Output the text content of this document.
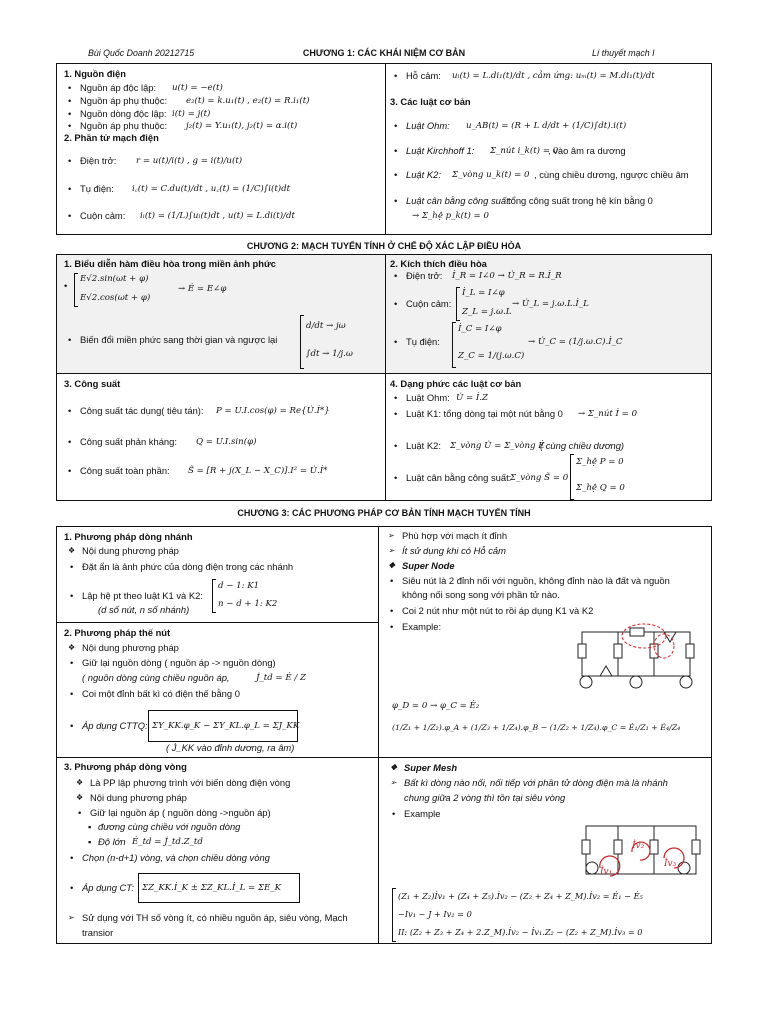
Bùi Quốc Doanh 20212715	CHƯƠNG 1: CÁC KHÁI NIỆM CƠ BẢN	Lí thuyết mạch I
1. Nguồn điện
• Nguồn áp độc lập: u(t) = −e(t)
• Nguồn áp phụ thuộc: e₂(t) = k.u₁(t) , e₂(t) = R.i₁(t)
• Nguồn dòng độc lập: i(t) = j(t)
• Nguồn áp phụ thuộc: j₂(t) = Y.u₁(t), j₂(t) = α.i(t)
2. Phần tử mạch điện
• Điện trở: r = u(t)/i(t) , g = i(t)/u(t)
• Tụ điện: i꜀(t) = C.du(t)/dt , u꜀(t) = (1/C)∫i(t)dt
• Cuộn cảm: iₗ(t) = (1/L)∫uₗ(t)dt , u(t) = L.di(t)/dt
• Hỗ cảm: uₗ(t) = L.di₁(t)/dt , cảm ứng: uₘ(t) = M.di₁(t)/dt
3. Các luật cơ bản
• Luật Ohm: u_AB(t) = (R + L d/dt + (1/C)∫dt).i(t)
• Luật Kirchhoff 1: Σ_nút i_k(t) = 0
, vào âm ra dương
• Luật K2: Σ_vòng u_k(t) = 0 , cùng chiều dương, ngược chiều âm
• Luật cân bằng công suất:
tổng công suất trong hệ kín bằng 0
→ Σ_hệ p_k(t) = 0
CHƯƠNG 2: MẠCH TUYẾN TÍNH Ở CHẾ ĐỘ XÁC LẬP ĐIỀU HÒA
1. Biểu diễn hàm điều hòa trong miền ảnh phức
•
E√2.sin(ωt + φ)
E√2.cos(ωt + φ)
→ Ė = E∠φ
• Biến đổi miền phức sang thời gian và ngược lại
d/dt → jω
∫dt → 1/j.ω
2. Kích thích điều hòa
• Điện trở: İ_R = I∠0 → U̇_R = R.İ_R
• Cuộn cảm:
İ_L = I∠φ
Z_L = j.ω.L
→ U̇_L = j.ω.L.İ_L
• Tụ điện:
İ_C = I∠φ
Z_C = 1/(j.ω.C)
→ U̇_C = (1/j.ω.C).İ_C
3. Công suất
• Công suất tác dụng( tiêu tán): P = U.I.cos(φ) = Re{U̇.İ*}
• Công suất phản kháng: Q = U.I.sin(φ)
• Công suất toàn phần: S̃ = [R + j(X_L − X_C)].I² = U̇.İ*
4. Dạng phức các luật cơ bản
• Luật Ohm: U̇ = İ.Z
• Luật K1: tổng dòng tại một nút bằng 0 → Σ_nút İ = 0
• Luật K2: Σ_vòng U̇ = Σ_vòng Ė
( cùng chiều dương)
• Luật cân bằng công suất:
Σ_vòng S̃ = 0
Σ_hệ P = 0
Σ_hệ Q = 0
CHƯƠNG 3: CÁC PHƯƠNG PHÁP CƠ BẢN TÍNH MẠCH TUYẾN TÍNH
1. Phương pháp dòng nhánh
❖ Nội dung phương pháp
• Đặt ẩn là ảnh phức của dòng điện trong các nhánh
• Lập hệ pt theo luật K1 và K2:
d − 1: K1
n − d + 1: K2
(d số nút, n số nhánh)
➢ Phù hợp với mạch ít đỉnh
➢ Ít sử dụng khi có Hỗ cảm
❖ Super Node
• Siêu nút là 2 đỉnh nối với nguồn, không đỉnh nào là đất và nguồn
không nối song song với phần tử nào.
• Coi 2 nút như một nút to rồi áp dụng K1 và K2
• Example:
2. Phương pháp thế nút
❖ Nội dung phương pháp
• Giữ lại nguồn dòng ( nguồn áp -> nguồn dòng)
( nguồn dòng cùng chiều nguồn áp,	J̇_td = Ė / Z
• Coi một đỉnh bất kì có điện thế bằng 0
• Áp dụng CTTQ: ΣY_KK.φ_K − ΣY_KL.φ_L = ΣJ_KK
( J̇_KK vào đỉnh dương, ra âm)
φ_D = 0 → φ_C = Ė₂
(1/Z₁ + 1/Z₂).φ_A + (1/Z₃ + 1/Z₄).φ_B − (1/Z₂ + 1/Z₄).φ_C = Ė₁/Z₁ + Ė₄/Z₄
3. Phương pháp dòng vòng
❖ Là PP lập phương trình với biến dòng điện vòng
❖ Nội dung phương pháp
• Giữ lại nguồn áp ( nguồn dòng ->nguồn áp)
▪ đương cùng chiều với nguồn dòng
▪ Độ lớn Ė_td = J̇_td.Z_td
• Chọn (n-d+1) vòng, và chọn chiều dòng vòng
• Áp dụng CT: ΣZ_KK.İ_K ± ΣZ_KL.İ_L = ΣE_K
➢ Sử dụng với TH số vòng ít, có nhiều nguồn áp, siêu vòng, Mạch
transior
❖ Super Mesh
➢ Bất kì dòng nào nối, nối tiếp với phần tử dòng điện mà là nhánh
chung giữa 2 vòng thì tồn tại siêu vòng
• Example
İv₁
İv₂
İv₃
(Z₁ + Z₂)İv₁ + (Z₄ + Z₅).İv₂ − (Z₂ + Z₄ + Z_M).İv₂ = Ė₁ − Ė₅
−Iv₁ − J + Iv₂ = 0
II: (Z₂ + Z₃ + Z₄ + 2.Z_M).İv₂ − İv₁.Z₂ − (Z₂ + Z_M).İv₃ = 0
